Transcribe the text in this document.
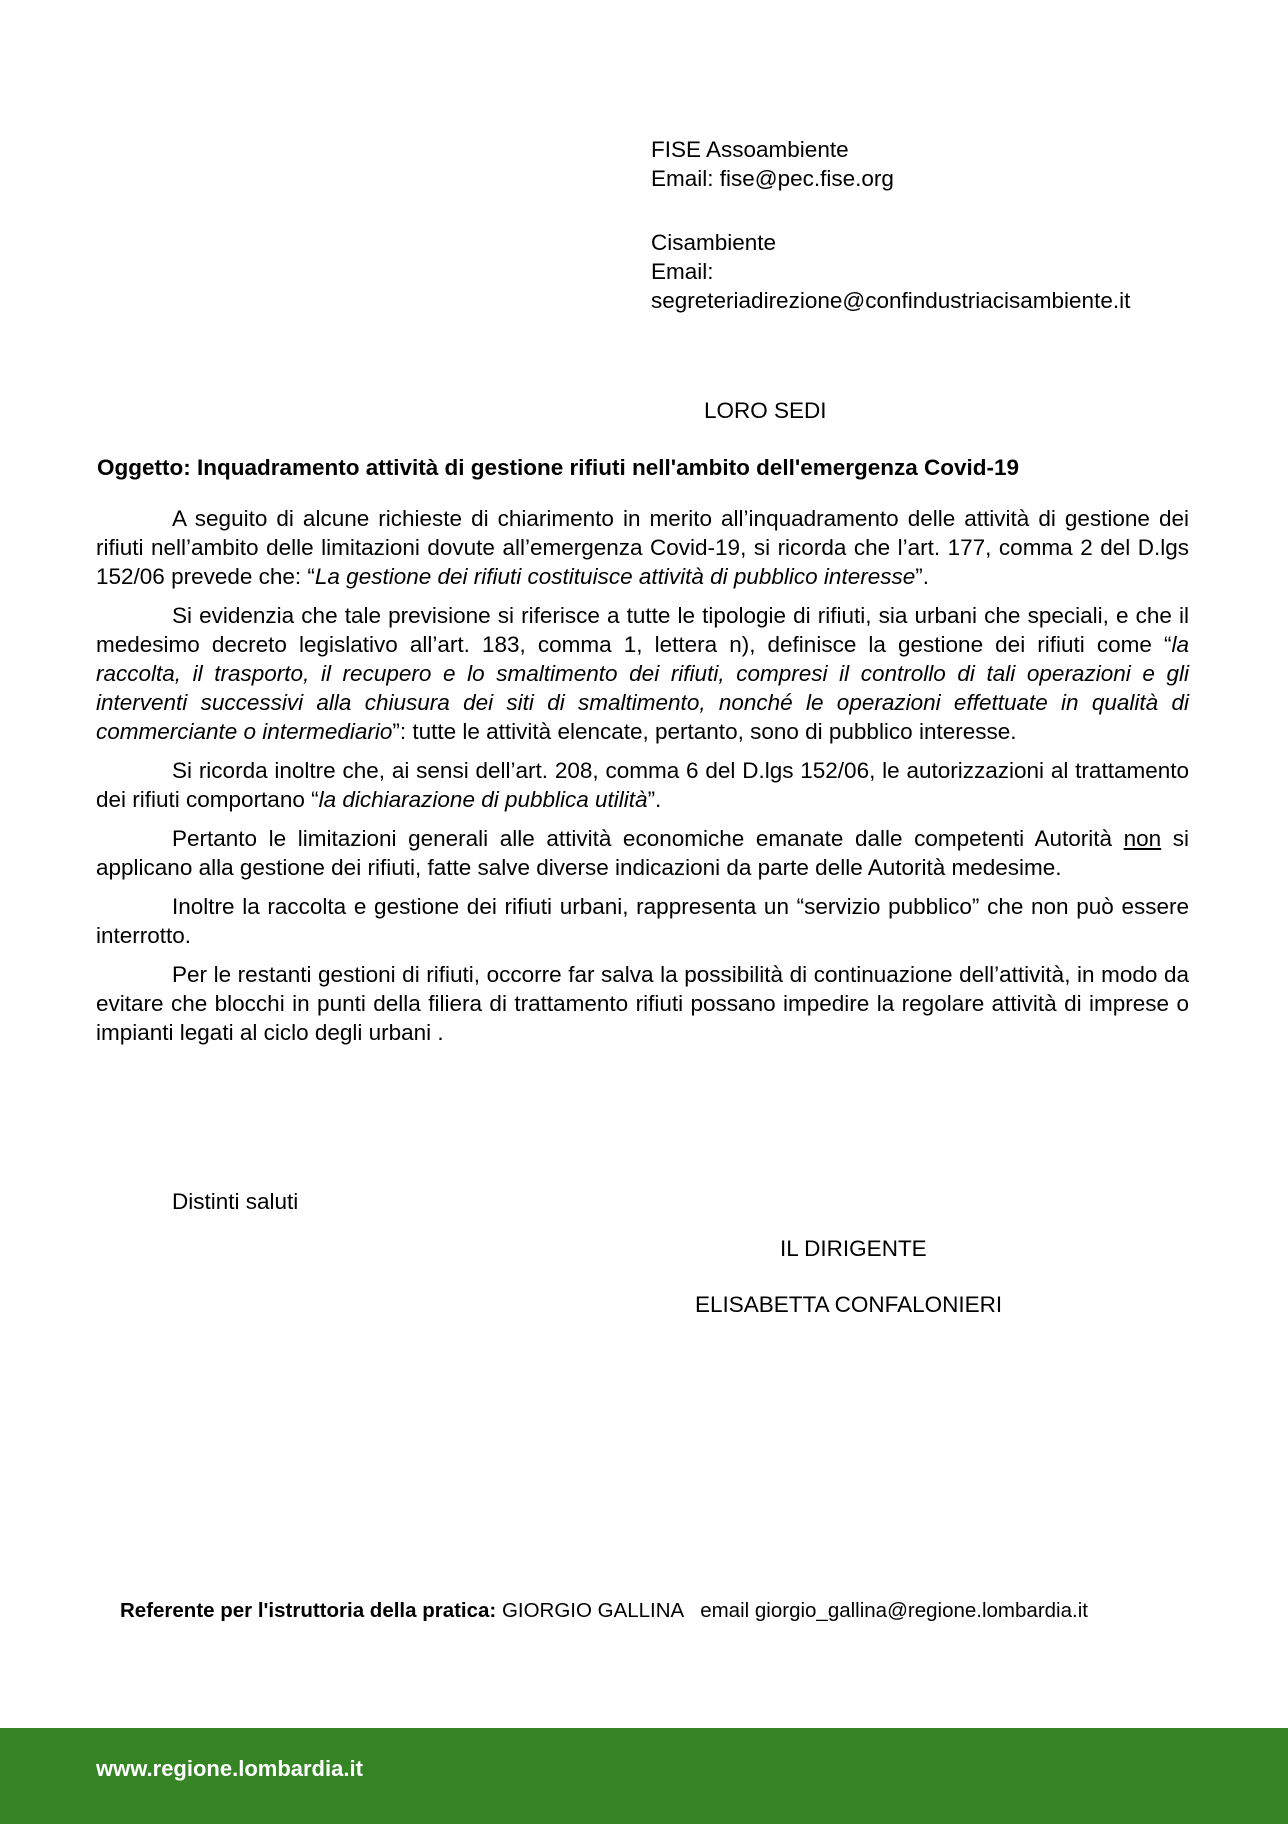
FISE Assoambiente
Email: fise@pec.fise.org
Cisambiente
Email:
segreteriadirezione@confindustriacisambiente.it
LORO SEDI
Oggetto: Inquadramento attività di gestione rifiuti nell'ambito dell'emergenza Covid-19

A seguito di alcune richieste di chiarimento in merito all’inquadramento delle attività di gestione dei rifiuti nell’ambito delle limitazioni dovute all’emergenza Covid-19, si ricorda che l’art. 177, comma 2 del D.lgs 152/06 prevede che: “La gestione dei rifiuti costituisce attività di pubblico interesse”.

Si evidenzia che tale previsione si riferisce a tutte le tipologie di rifiuti, sia urbani che speciali, e che il medesimo decreto legislativo all’art. 183, comma 1, lettera n), definisce la gestione dei rifiuti come “la raccolta, il trasporto, il recupero e lo smaltimento dei rifiuti, compresi il controllo di tali operazioni e gli interventi successivi alla chiusura dei siti di smaltimento, nonché le operazioni effettuate in qualità di commerciante o intermediario”: tutte le attività elencate, pertanto, sono di pubblico interesse.

Si ricorda inoltre che, ai sensi dell’art. 208, comma 6 del D.lgs 152/06, le autorizzazioni al trattamento dei rifiuti comportano “la dichiarazione di pubblica utilità”.

Pertanto le limitazioni generali alle attività economiche emanate dalle competenti Autorità non si applicano alla gestione dei rifiuti, fatte salve diverse indicazioni da parte delle Autorità medesime.

Inoltre la raccolta e gestione dei rifiuti urbani, rappresenta un “servizio pubblico” che non può essere interrotto.

Per le restanti gestioni di rifiuti, occorre far salva la possibilità di continuazione dell’attività, in modo da evitare che blocchi in punti della filiera di trattamento rifiuti possano impedire la regolare attività di imprese o impianti legati al ciclo degli urbani .

Distinti saluti
IL DIRIGENTE
ELISABETTA CONFALONIERI
Referente per l'istruttoria della pratica: GIORGIO GALLINA   email giorgio_gallina@regione.lombardia.it
www.regione.lombardia.it
